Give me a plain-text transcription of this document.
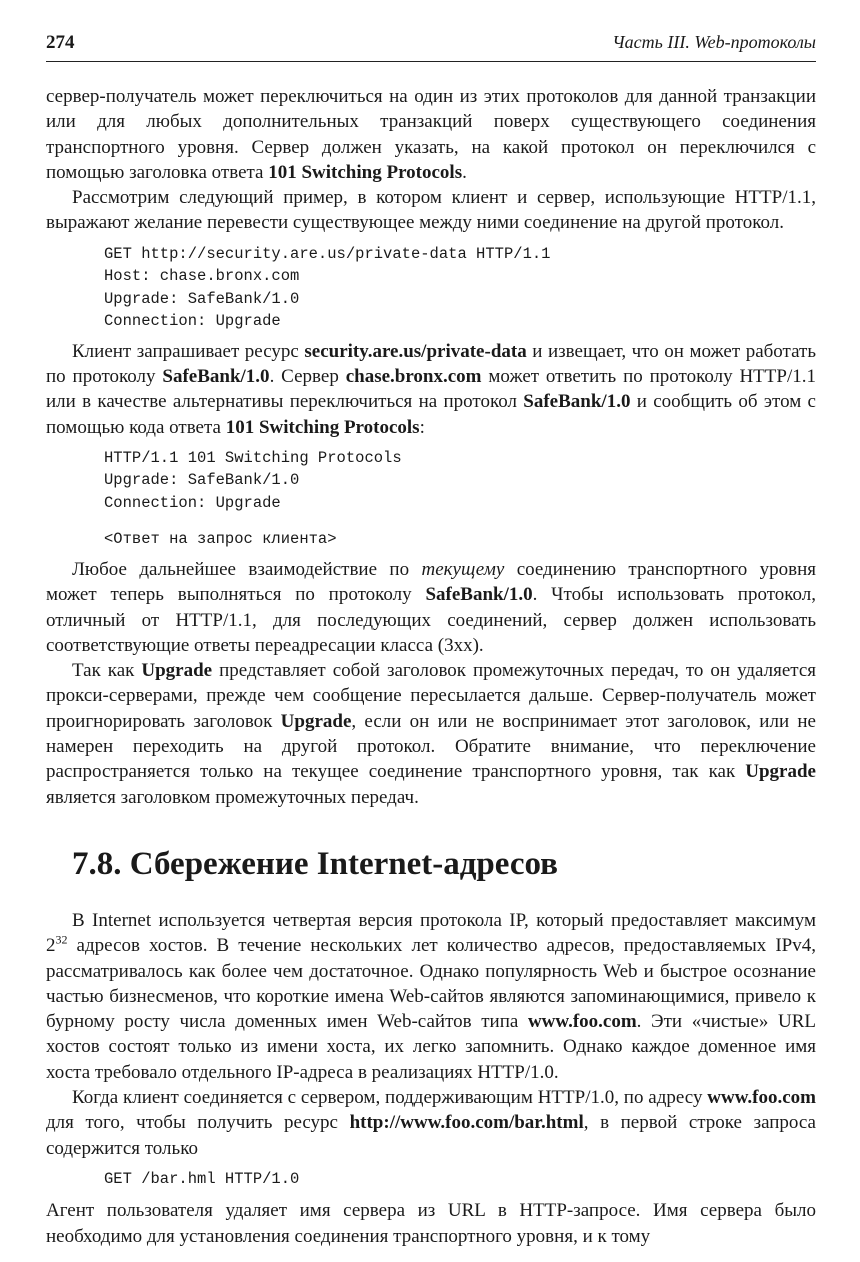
274	Часть III. Web-протоколы

сервер-получатель может переключиться на один из этих протоколов для данной транзакции или для любых дополнительных транзакций поверх существующего соединения транспортного уровня. Сервер должен указать, на какой протокол он переключился с помощью заголовка ответа 101 Switching Protocols.

Рассмотрим следующий пример, в котором клиент и сервер, использующие HTTP/1.1, выражают желание перевести существующее между ними соединение на другой протокол.

GET http://security.are.us/private-data HTTP/1.1
Host: chase.bronx.com
Upgrade: SafeBank/1.0
Connection: Upgrade

Клиент запрашивает ресурс security.are.us/private-data и извещает, что он может работать по протоколу SafeBank/1.0. Сервер chase.bronx.com может ответить по протоколу HTTP/1.1 или в качестве альтернативы переключиться на протокол SafeBank/1.0 и сообщить об этом с помощью кода ответа 101 Switching Protocols:

HTTP/1.1 101 Switching Protocols
Upgrade: SafeBank/1.0
Connection: Upgrade
<Ответ на запрос клиента>

Любое дальнейшее взаимодействие по текущему соединению транспортного уровня может теперь выполняться по протоколу SafeBank/1.0. Чтобы использовать протокол, отличный от HTTP/1.1, для последующих соединений, сервер должен использовать соответствующие ответы переадресации класса (3xx).

Так как Upgrade представляет собой заголовок промежуточных передач, то он удаляется прокси-серверами, прежде чем сообщение пересылается дальше. Сервер-получатель может проигнорировать заголовок Upgrade, если он или не воспринимает этот заголовок, или не намерен переходить на другой протокол. Обратите внимание, что переключение распространяется только на текущее соединение транспортного уровня, так как Upgrade является заголовком промежуточных передач.

7.8. Сбережение Internet-адресов

В Internet используется четвертая версия протокола IP, который предоставляет максимум $2^{32}$ адресов хостов. В течение нескольких лет количество адресов, предоставляемых IPv4, рассматривалось как более чем достаточное. Однако популярность Web и быстрое осознание частью бизнесменов, что короткие имена Web-сайтов являются запоминающимися, привело к бурному росту числа доменных имен Web-сайтов типа www.foo.com. Эти «чистые» URL хостов состоят только из имени хоста, их легко запомнить. Однако каждое доменное имя хоста требовало отдельного IP-адреса в реализациях HTTP/1.0.

Когда клиент соединяется с сервером, поддерживающим HTTP/1.0, по адресу www.foo.com для того, чтобы получить ресурс http://www.foo.com/bar.html, в первой строке запроса содержится только

GET /bar.hml HTTP/1.0

Агент пользователя удаляет имя сервера из URL в HTTP-запросе. Имя сервера было необходимо для установления соединения транспортного уровня, и к тому
